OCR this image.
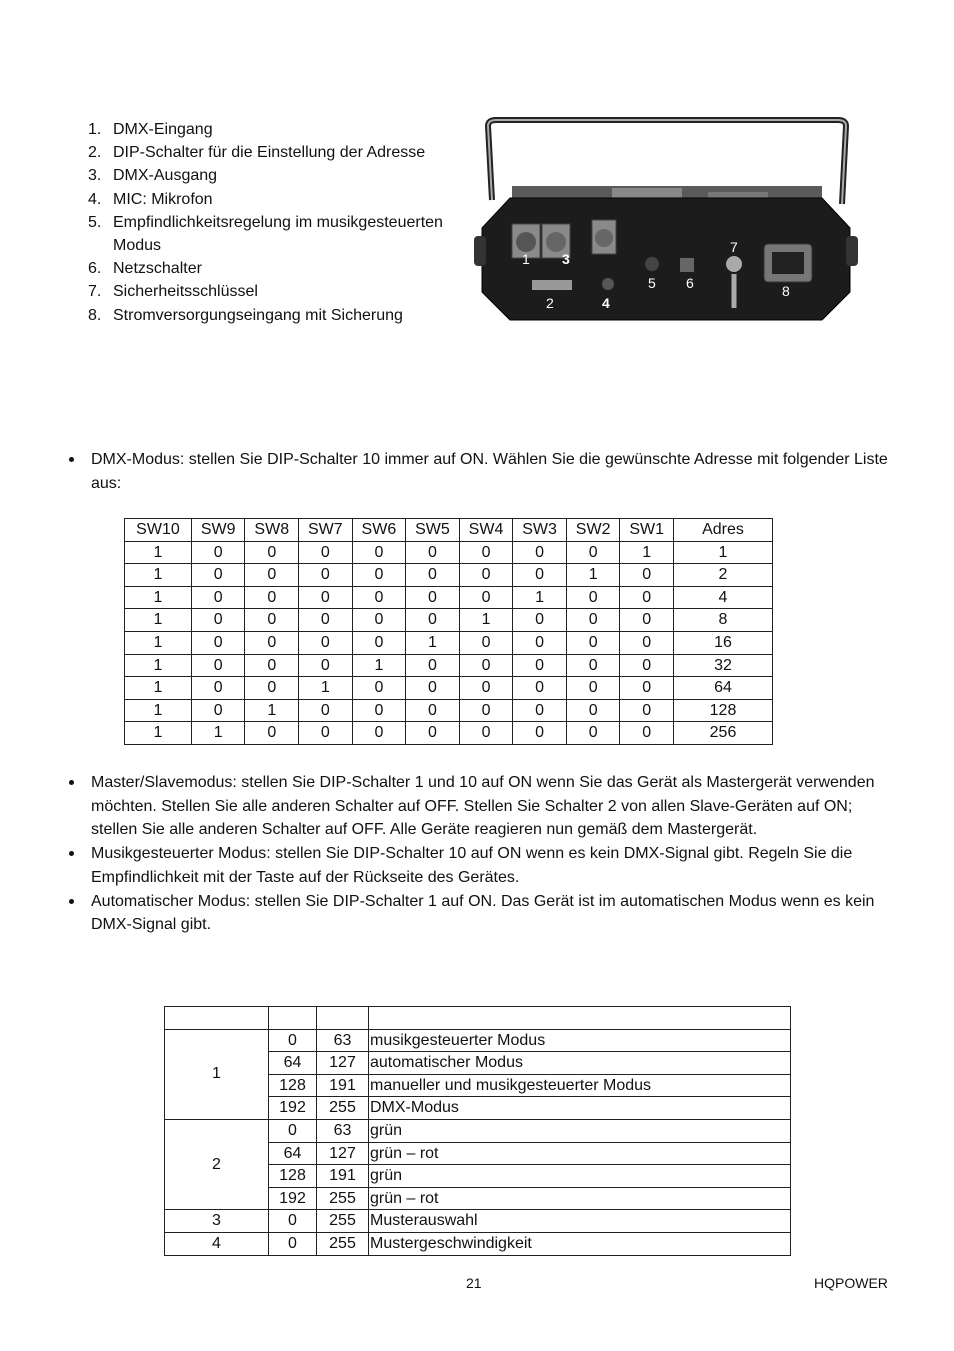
1. DMX-Eingang
2. DIP-Schalter für die Einstellung der Adresse
3. DMX-Ausgang
4. MIC: Mikrofon
5. Empfindlichkeitsregelung im musikgesteuerten Modus
6. Netzschalter
7. Sicherheitsschlüssel
8. Stromversorgungseingang mit Sicherung
1 3
7
2	4
5 6	8
DMX-Modus: stellen Sie DIP-Schalter 10 immer auf ON. Wählen Sie die gewünschte Adresse mit folgender Liste aus:
SW10	SW9	SW8	SW7	SW6	SW5	SW4	SW3	SW2	SW1	Adres
1	0	0	0	0	0	0	0	0	1	1
1	0	0	0	0	0	0	0	1	0	2
1	0	0	0	0	0	0	1	0	0	4
1	0	0	0	0	0	1	0	0	0	8
1	0	0	0	0	1	0	0	0	0	16
1	0	0	0	1	0	0	0	0	0	32
1	0	0	1	0	0	0	0	0	0	64
1	0	1	0	0	0	0	0	0	0	128
1	1	0	0	0	0	0	0	0	0	256
Master/Slavemodus: stellen Sie DIP-Schalter 1 und 10 auf ON wenn Sie das Gerät als Mastergerät verwenden möchten. Stellen Sie alle anderen Schalter auf OFF. Stellen Sie Schalter 2 von allen Slave-Geräten auf ON; stellen Sie alle anderen Schalter auf OFF. Alle Geräte reagieren nun gemäß dem Mastergerät.
Musikgesteuerter Modus: stellen Sie DIP-Schalter 10 auf ON wenn es kein DMX-Signal gibt. Regeln Sie die Empfindlichkeit mit der Taste auf der Rückseite des Gerätes.
Automatischer Modus: stellen Sie DIP-Schalter 1 auf ON. Das Gerät ist im automatischen Modus wenn es kein DMX-Signal gibt.

1	0	63	musikgesteuerter Modus
	64	127	automatischer Modus
	128	191	manueller und musikgesteuerter Modus
	192	255	DMX-Modus
2	0	63	grün
	64	127	grün – rot
	128	191	grün
	192	255	grün – rot
3	0	255	Musterauswahl
4	0	255	Mustergeschwindigkeit
21	HQPOWER
